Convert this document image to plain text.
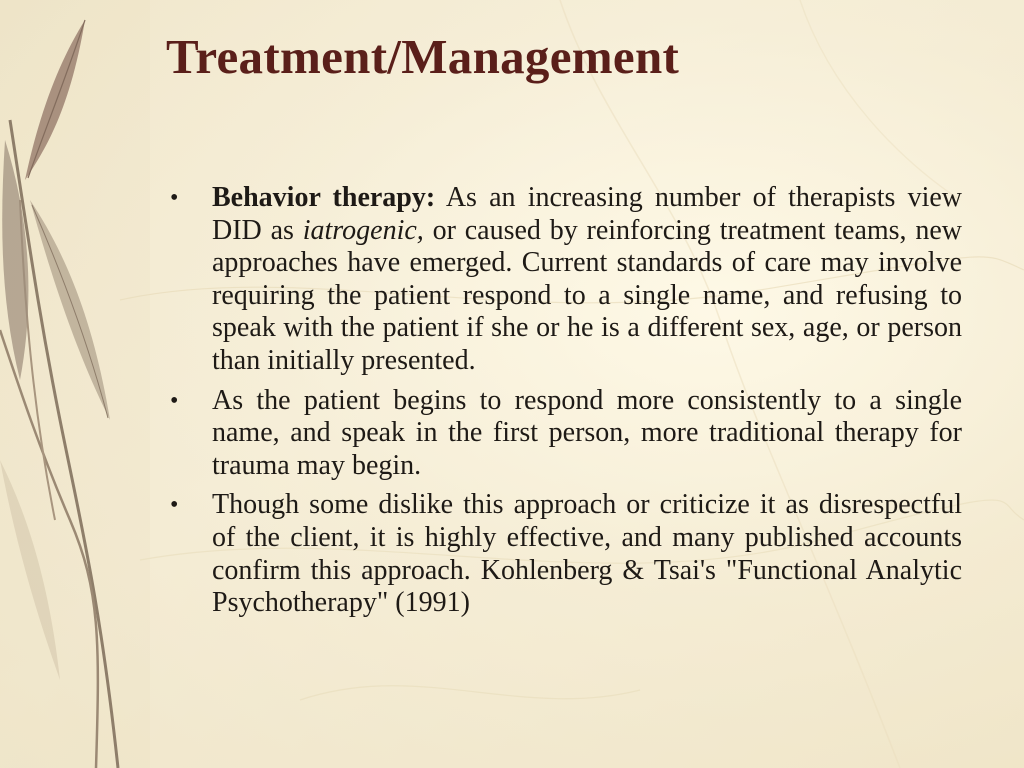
Treatment/Management
•	Behavior therapy: As an increasing number of therapists view DID as iatrogenic, or caused by reinforcing treatment teams, new approaches have emerged. Current standards of care may involve requiring the patient respond to a single name, and refusing to speak with the patient if she or he is a different sex, age, or person than initially presented.
•	As the patient begins to respond more consistently to a single name, and speak in the first person, more traditional therapy for trauma may begin.
•	Though some dislike this approach or criticize it as disrespectful of the client, it is highly effective, and many published accounts confirm this approach. Kohlenberg & Tsai's "Functional Analytic Psychotherapy" (1991)
